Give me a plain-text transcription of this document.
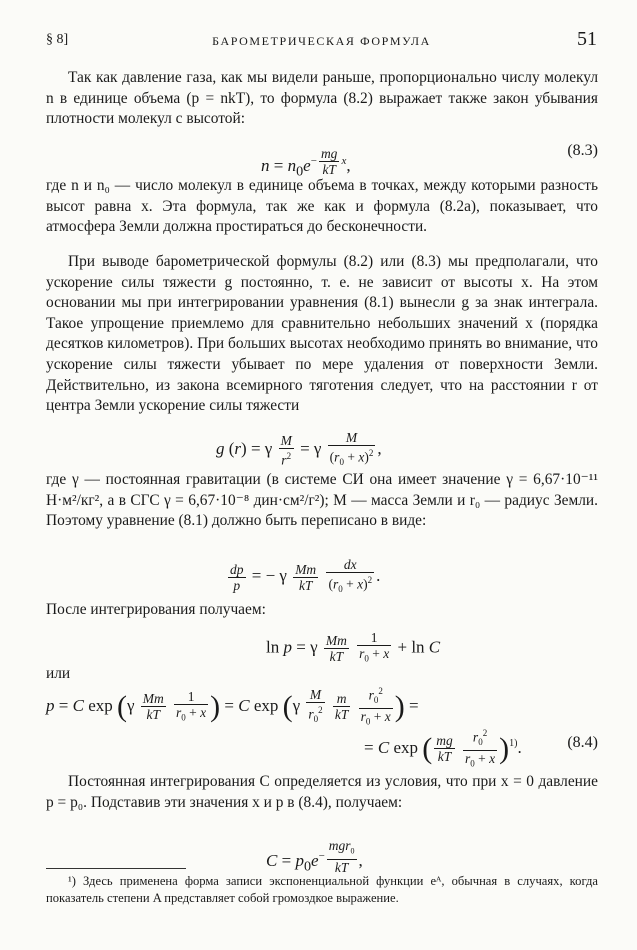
§ 8]	БАРОМЕТРИЧЕСКАЯ ФОРМУЛА	51

Так как давление газа, как мы видели раньше, пропорционально числу молекул n в единице объема (p = nkT), то формула (8.2) выражает также закон убывания плотности молекул с высотой:

$n = n_0e^{- \frac{mg}{kT} x}$,
(8.3)

где n и n₀ — число молекул в единице объема в точках, между которыми разность высот равна x. Эта формула, так же как и формула (8.2а), показывает, что атмосфера Земли должна простираться до бесконечности.

При выводе барометрической формулы (8.2) или (8.3) мы предполагали, что ускорение силы тяжести g постоянно, т. е. не зависит от высоты x. На этом основании мы при интегрировании уравнения (8.1) вынесли g за знак интеграла. Такое упрощение приемлемо для сравнительно небольших значений x (порядка десятков километров). При больших высотах необходимо принять во внимание, что ускорение силы тяжести убывает по мере удаления от поверхности Земли. Действительно, из закона всемирного тяготения следует, что на расстоянии r от центра Земли ускорение силы тяжести

g (r) = γ $\frac{M}{r^2} = \gamma \frac{M}{(r_0 + x)^2}$ ,

где γ — постоянная гравитации (в системе СИ она имеет значение γ = 6,67·10⁻¹¹ Н·м²/кг², а в СГС γ = 6,67·10⁻⁸ дин·см²/г²); M — масса Земли и r₀ — радиус Земли. Поэтому уравнение (8.1) должно быть переписано в виде:

$\frac{dp}{p}$ = − γ $\frac{Mm}{kT}$
$\frac{dx}{(r_0 + x)^2}$ .

После интегрирования получаем:

ln p = γ $\frac{Mm}{kT}$
$\frac{1}{r_0 + x} + \ln C$

или

p = C $\exp (\gamma \frac{Mm}{kT}$
$\frac{1}{r_0 + x}$ ) = C $\exp (\gamma \frac{M}{r_0^2}$
$\frac{m}{kT}$
$\frac{r_0^2}{r_0 + x}$ ) =
= C exp ( $\frac{mg}{kT}$
$\frac{r_0^2}{r_0 + x} )^{1)}$.	(8.4)

Постоянная интегрирования C определяется из условия, что при x = 0 давление p = p₀. Подставив эти значения x и p в (8.4), получаем:

$C = p_0e^{- mgr_0 kT}$ ,

¹) Здесь применена форма записи экспоненциальной функции eᴬ, обычная в случаях, когда показатель степени A представляет собой громоздкое выражение.
